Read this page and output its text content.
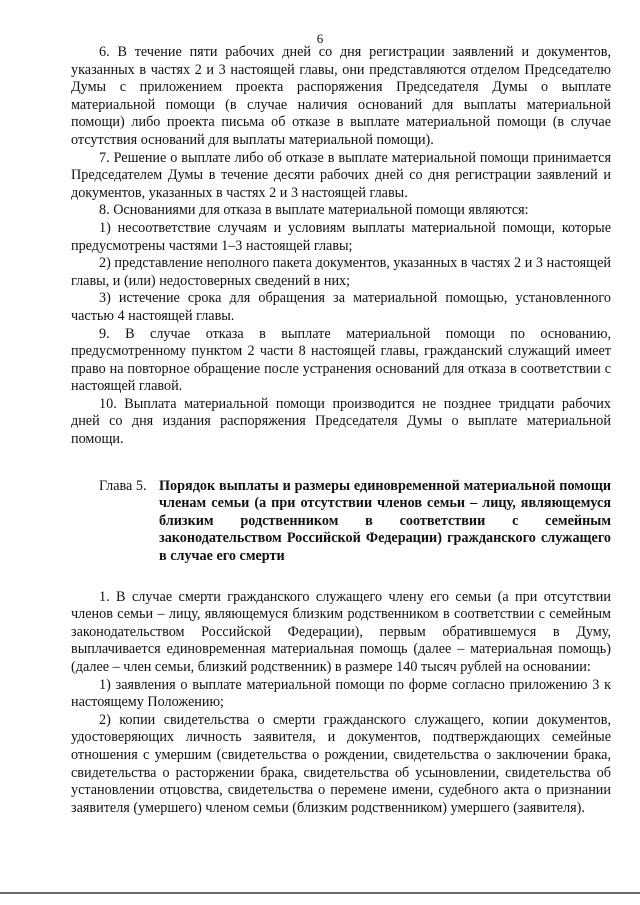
6

6. В течение пяти рабочих дней со дня регистрации заявлений и документов, указанных в частях 2 и 3 настоящей главы, они представляются отделом Председателю Думы с приложением проекта распоряжения Председателя Думы о выплате материальной помощи (в случае наличия оснований для выплаты материальной помощи) либо проекта письма об отказе в выплате материальной помощи (в случае отсутствия оснований для выплаты материальной помощи).

7. Решение о выплате либо об отказе в выплате материальной помощи принимается Председателем Думы в течение десяти рабочих дней со дня регистрации заявлений и документов, указанных в частях 2 и 3 настоящей главы.

8. Основаниями для отказа в выплате материальной помощи являются:

1) несоответствие случаям и условиям выплаты материальной помощи, которые предусмотрены частями 1–3 настоящей главы;

2) представление неполного пакета документов, указанных в частях 2 и 3 настоящей главы, и (или) недостоверных сведений в них;

3) истечение срока для обращения за материальной помощью, установленного частью 4 настоящей главы.

9. В случае отказа в выплате материальной помощи по основанию, предусмотренному пунктом 2 части 8 настоящей главы, гражданский служащий имеет право на повторное обращение после устранения оснований для отказа в соответствии с настоящей главой.

10. Выплата материальной помощи производится не позднее тридцати рабочих дней со дня издания распоряжения Председателя Думы о выплате материальной помощи.

Глава 5. Порядок выплаты и размеры единовременной материальной помощи членам семьи (а при отсутствии членов семьи – лицу, являющемуся близким родственником в соответствии с семейным законодательством Российской Федерации) гражданского служащего в случае его смерти

1. В случае смерти гражданского служащего члену его семьи (а при отсутствии членов семьи – лицу, являющемуся близким родственником в соответствии с семейным законодательством Российской Федерации), первым обратившемуся в Думу, выплачивается единовременная материальная помощь (далее – материальная помощь) (далее – член семьи, близкий родственник) в размере 140 тысяч рублей на основании:

1) заявления о выплате материальной помощи по форме согласно приложению 3 к настоящему Положению;

2) копии свидетельства о смерти гражданского служащего, копии документов, удостоверяющих личность заявителя, и документов, подтверждающих семейные отношения с умершим (свидетельства о рождении, свидетельства о заключении брака, свидетельства о расторжении брака, свидетельства об усыновлении, свидетельства об установлении отцовства, свидетельства о перемене имени, судебного акта о признании заявителя (умершего) членом семьи (близким родственником) умершего (заявителя).
